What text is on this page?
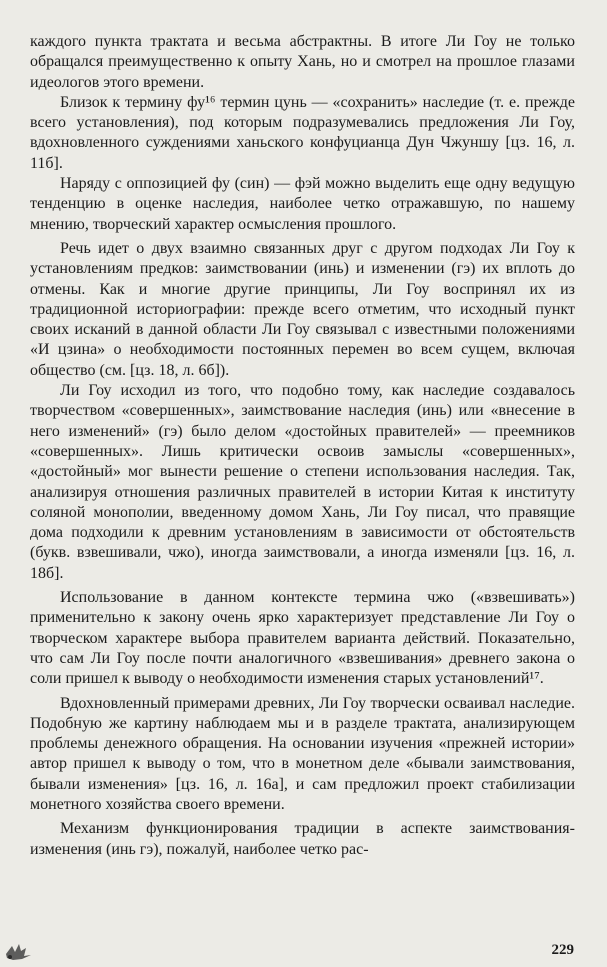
каждого пункта трактата и весьма абстрактны. В итоге Ли Гоу не только обращался преимущественно к опыту Хань, но и смотрел на прошлое глазами идеологов этого времени.

Близок к термину фу¹⁶ термин цунь — «сохранить» наследие (т. е. прежде всего установления), под которым подразумевались предложения Ли Гоу, вдохновленного суждениями ханьского конфуцианца Дун Чжуншу [цз. 16, л. 11б].

Наряду с оппозицией фу (син) — фэй можно выделить еще одну ведущую тенденцию в оценке наследия, наиболее четко отражавшую, по нашему мнению, творческий характер осмысления прошлого.

Речь идет о двух взаимно связанных друг с другом подходах Ли Гоу к установлениям предков: заимствовании (инь) и изменении (гэ) их вплоть до отмены. Как и многие другие принципы, Ли Гоу воспринял их из традиционной историографии: прежде всего отметим, что исходный пункт своих исканий в данной области Ли Гоу связывал с известными положениями «И цзина» о необходимости постоянных перемен во всем сущем, включая общество (см. [цз. 18, л. 6б]).

Ли Гоу исходил из того, что подобно тому, как наследие создавалось творчеством «совершенных», заимствование наследия (инь) или «внесение в него изменений» (гэ) было делом «достойных правителей» — преемников «совершенных». Лишь критически освоив замыслы «совершенных», «достойный» мог вынести решение о степени использования наследия. Так, анализируя отношения различных правителей в истории Китая к институту соляной монополии, введенному домом Хань, Ли Гоу писал, что правящие дома подходили к древним установлениям в зависимости от обстоятельств (букв. взвешивали, чжо), иногда заимствовали, а иногда изменяли [цз. 16, л. 18б].

Использование в данном контексте термина чжо («взвешивать») применительно к закону очень ярко характеризует представление Ли Гоу о творческом характере выбора правителем варианта действий. Показательно, что сам Ли Гоу после почти аналогичного «взвешивания» древнего закона о соли пришел к выводу о необходимости изменения старых установлений¹⁷.

Вдохновленный примерами древних, Ли Гоу творчески осваивал наследие. Подобную же картину наблюдаем мы и в разделе трактата, анализирующем проблемы денежного обращения. На основании изучения «прежней истории» автор пришел к выводу о том, что в монетном деле «бывали заимствования, бывали изменения» [цз. 16, л. 16а], и сам предложил проект стабилизации монетного хозяйства своего времени.

Механизм функционирования традиции в аспекте заимствования-изменения (инь гэ), пожалуй, наиболее четко рас-

229
